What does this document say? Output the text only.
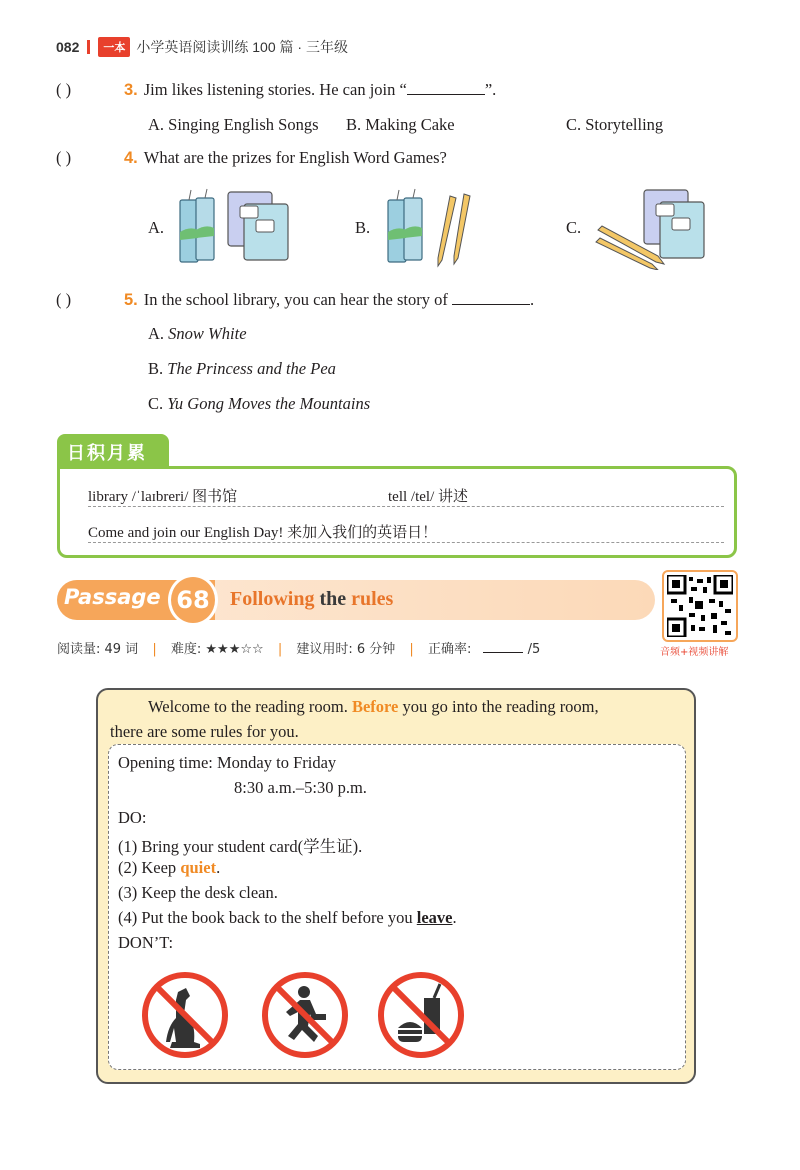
082	一本 小学英语阅读训练 100 篇 · 三年级
( )	3. Jim likes listening stories. He can join “	”.
A. Singing English Songs B. Making Cake	C. Storytelling
( )	4. What are the prizes for English Word Games?
A.	B.	C.
( )	5. In the school library, you can hear the story of	.
A. Snow White
B. The Princess and the Pea
C. Yu Gong Moves the Mountains
library /ˈlaɪbreri/ 图书馆	tell /tel/ 讲述
Come and join our English Day! 来加入我们的英语日！
日积月累
Passage 68	Following the rules
音频+视频讲解
阅读量: 49 词 | 难度: ★★★☆☆ | 建议用时: 6 分钟 | 正确率:	/5
Welcome to the reading room. Before you go into the reading room,
there are some rules for you.
Opening time: Monday to Friday
8:30 a.m.–5:30 p.m.
DO:
(1) Bring your student card(学生证).
(2) Keep quiet.
(3) Keep the desk clean.
(4) Put the book back to the shelf before you leave.
DON’T:
